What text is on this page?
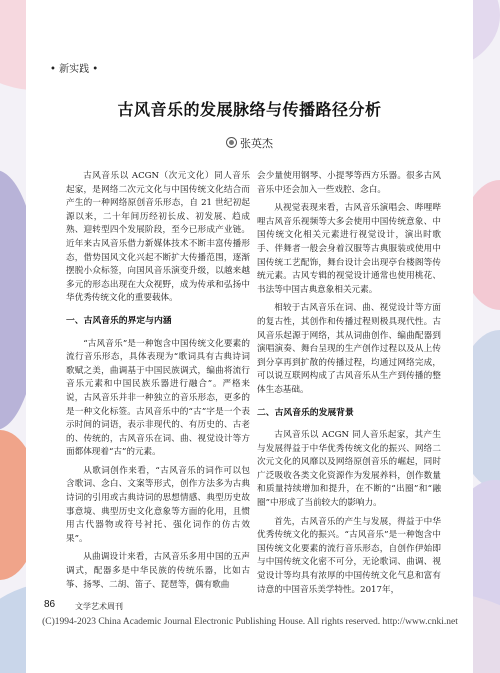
• 新实践 •
古风音乐的发展脉络与传播路径分析
张英杰

古风音乐以 ACGN（次元文化）同人音乐起家，是网络二次元文化与中国传统文化结合而产生的一种网络原创音乐形态，自 21 世纪初起源以来，二十年间历经初长成、初发展、趋成熟、迎转型四个发展阶段，至今已形成产业链。近年来古风音乐借力新媒体技术不断丰富传播形态，借势国风文化兴起不断扩大传播范围，逐渐摆脱小众标签，向国风音乐演变升级，以越来越多元的形态出现在大众视野，成为传承和弘扬中华优秀传统文化的重要载体。

一、古风音乐的界定与内涵

“古风音乐”是一种饱含中国传统文化要素的流行音乐形态，具体表现为“歌词具有古典诗词歌赋之美，曲调基于中国民族调式，编曲将流行音乐元素和中国民族乐器进行融合”。严格来说，古风音乐并非一种独立的音乐形态，更多的是一种文化标签。古风音乐中的“古”字是一个表示时间的词语，表示非现代的、有历史的、古老的、传统的，古风音乐在词、曲、视觉设计等方面都体现着“古”的元素。

从歌词创作来看，“古风音乐的词作可以包含歌词、念白、文案等形式，创作方法多为古典诗词的引用或古典诗词的思想情感、典型历史故事意境、典型历史文化意象等方面的化用，且惯用古代器物或符号衬托、强化词作的仿古效果”。

从曲调设计来看，古风音乐多用中国的五声调式，配器多是中华民族的传统乐器，比如古筝、扬琴、二胡、笛子、琵琶等，偶有歌曲

会少量使用钢琴、小提琴等西方乐器。很多古风音乐中还会加入一些戏腔、念白。

从视觉表现来看，古风音乐演唱会、哔哩哔哩古风音乐视频等大多会使用中国传统意象、中国传统文化相关元素进行视觉设计，演出时歌手、伴舞者一般会身着汉服等古典服装或使用中国传统工艺配饰，舞台设计会出现亭台楼阁等传统元素。古风专辑的视觉设计通常也使用桃花、书法等中国古典意象相关元素。

相较于古风音乐在词、曲、视觉设计等方面的复古性，其创作和传播过程则极具现代性。古风音乐起源于网络，其从词曲创作、编曲配器到演唱演奏、舞台呈现的生产创作过程以及从上传到分享再到扩散的传播过程，均通过网络完成，可以说互联网构成了古风音乐从生产到传播的整体生态基础。

二、古风音乐的发展背景

古风音乐以 ACGN 同人音乐起家，其产生与发展得益于中华优秀传统文化的振兴、网络二次元文化的风靡以及网络原创音乐的崛起，同时广泛吸收各类文化资源作为发展养料，创作数量和质量持续增加和提升，在不断的“出圈”和“融圈”中形成了当前较大的影响力。

首先，古风音乐的产生与发展，得益于中华优秀传统文化的振兴。“古风音乐”是一种饱含中国传统文化要素的流行音乐形态，自创作伊始即与中国传统文化密不可分，无论歌词、曲调、视觉设计等均具有浓厚的中国传统文化气息和富有诗意的中国音乐美学特性。2017年，

86 文学艺术周刊
(C)1994-2023 China Academic Journal Electronic Publishing House. All rights reserved. http://www.cnki.net
